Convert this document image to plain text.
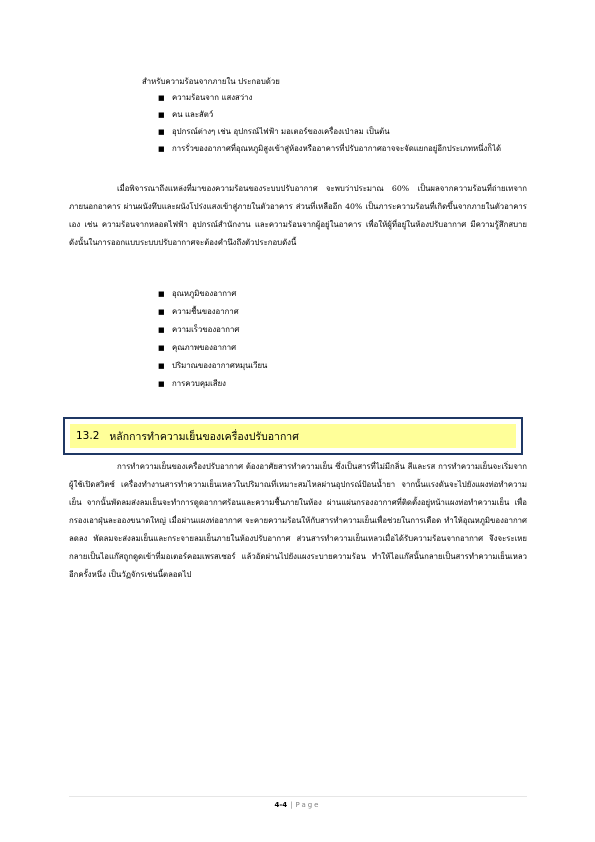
สำหรับความร้อนจากภายใน ประกอบด้วย
■ ความร้อนจาก แสงสว่าง
■ คน และสัตว์
■ อุปกรณ์ต่างๆ เช่น อุปกรณ์ไฟฟ้า มอเตอร์ของเครื่องเป่าลม เป็นต้น
■ การรั่วของอากาศที่อุณหภูมิสูงเข้าสู่ห้องหรืออาคารที่ปรับอากาศอาจจะจัดแยกอยู่อีกประเภทหนึ่งก็ได้

เมื่อพิจารณาถึงแหล่งที่มาของความร้อนของระบบปรับอากาศ จะพบว่าประมาณ 60% เป็นผลจากความร้อนที่ถ่ายเทจากภายนอกอาคาร ผ่านผนังทึบและผนังโปร่งแสงเข้าสู่ภายในตัวอาคาร ส่วนที่เหลืออีก 40% เป็นภาระความร้อนที่เกิดขึ้นจากภายในตัวอาคารเอง เช่น ความร้อนจากหลอดไฟฟ้า อุปกรณ์สำนักงาน และความร้อนจากผู้อยู่ในอาคาร เพื่อให้ผู้ที่อยู่ในห้องปรับอากาศ มีความรู้สึกสบาย ดังนั้นในการออกแบบระบบปรับอากาศจะต้องคำนึงถึงตัวประกอบดังนี้

■ อุณหภูมิของอากาศ
■ ความชื้นของอากาศ
■ ความเร็วของอากาศ
■ คุณภาพของอากาศ
■ ปริมาณของอากาศหมุนเวียน
■ การควบคุมเสียง
13.2 หลักการทำความเย็นของเครื่องปรับอากาศ

การทำความเย็นของเครื่องปรับอากาศ ต้องอาศัยสารทำความเย็น ซึ่งเป็นสารที่ไม่มีกลิ่น สีและรส การทำความเย็นจะเริ่มจากผู้ใช้เปิดสวิตซ์ เครื่องทำงานสารทำความเย็นเหลวในปริมาณที่เหมาะสมไหลผ่านอุปกรณ์ป้อนน้ำยา จากนั้นแรงดันจะไปยังแผงท่อทำความเย็น จากนั้นพัดลมส่งลมเย็นจะทำการดูดอากาศร้อนและความชื้นภายในห้อง ผ่านแผ่นกรองอากาศที่ติดตั้งอยู่หน้าแผงท่อทำความเย็น เพื่อกรองเอาฝุ่นละอองขนาดใหญ่ เมื่อผ่านแผงท่ออากาศ จะคายความร้อนให้กับสารทำความเย็นเพื่อช่วยในการเดือด ทำให้อุณหภูมิของอากาศลดลง พัดลมจะส่งลมเย็นและกระจายลมเย็นภายในห้องปรับอากาศ ส่วนสารทำความเย็นเหลวเมื่อได้รับความร้อนจากอากาศ จึงจะระเหยกลายเป็นไอแก๊สถูกดูดเข้าที่มอเตอร์คอมเพรสเซอร์ แล้วอัดผ่านไปยังแผงระบายความร้อน ทำให้ไอแก๊สนั้นกลายเป็นสารทำความเย็นเหลวอีกครั้งหนึ่ง เป็นวัฏจักรเช่นนี้ตลอดไป

4-4 | Page
